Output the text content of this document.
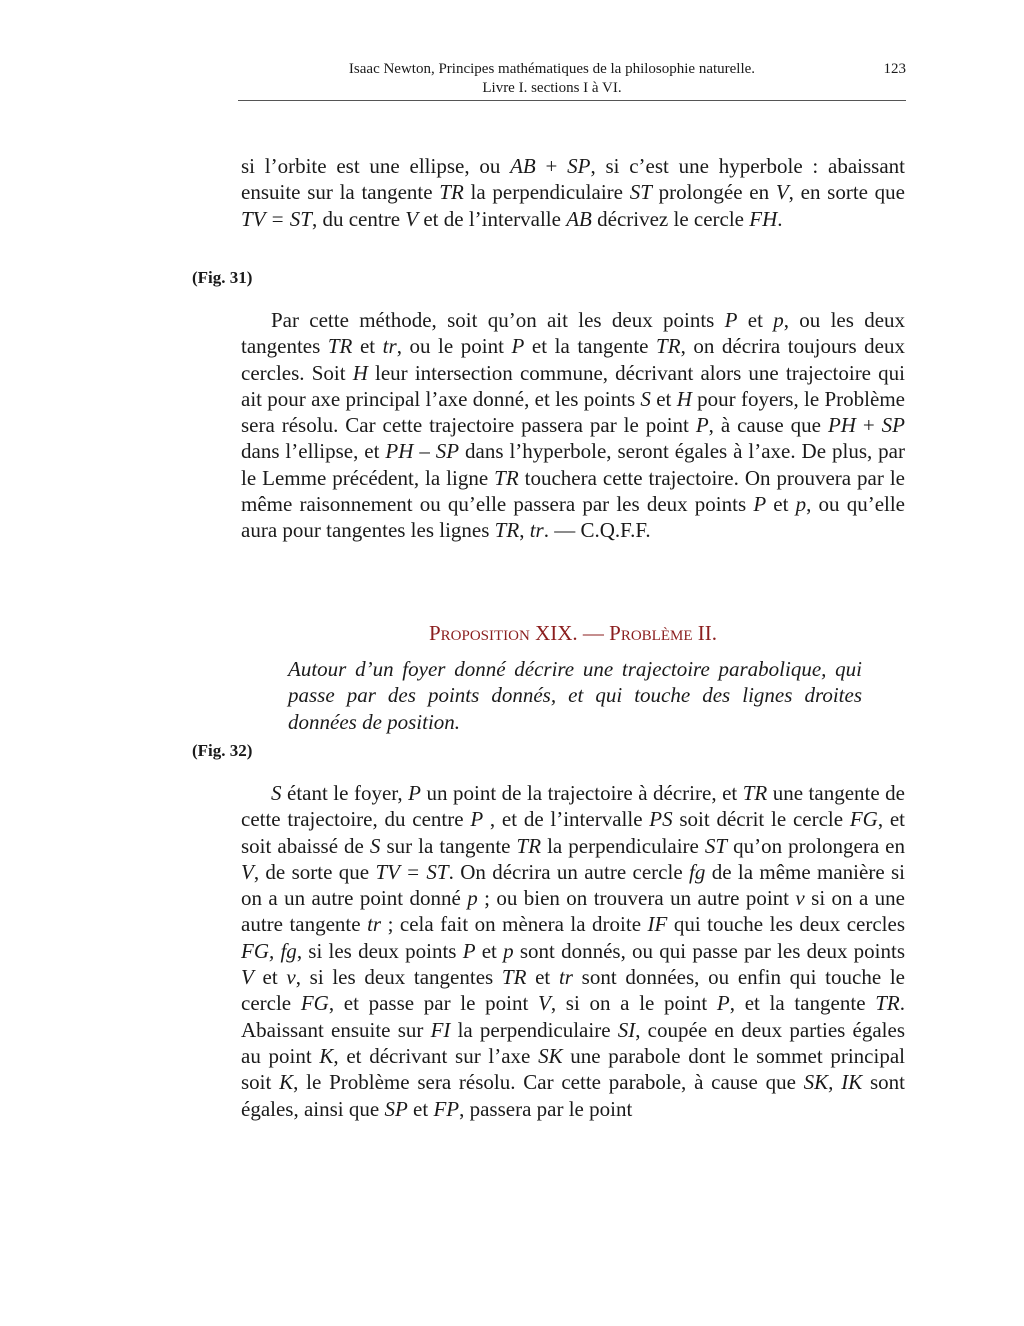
Isaac Newton, Principes mathématiques de la philosophie naturelle.
Livre I. sections I à VI.
123

si l’orbite est une ellipse, ou AB + SP, si c’est une hyperbole : abaissant ensuite sur la tangente TR la perpendiculaire ST prolongée en V, en sorte que TV = ST, du centre V et de l’intervalle AB décrivez le cercle FH.

(Fig. 31)

Par cette méthode, soit qu’on ait les deux points P et p, ou les deux tangentes TR et tr, ou le point P et la tangente TR, on décrira toujours deux cercles. Soit H leur intersection commune, décrivant alors une trajectoire qui ait pour axe principal l’axe donné, et les points S et H pour foyers, le Problème sera résolu. Car cette trajectoire passera par le point P, à cause que PH + SP dans l’ellipse, et PH – SP dans l’hyperbole, seront égales à l’axe. De plus, par le Lemme précédent, la ligne TR touchera cette trajectoire. On prouvera par le même raisonnement ou qu’elle passera par les deux points P et p, ou qu’elle aura pour tangentes les lignes TR, tr. — C.Q.F.F.

Proposition XIX. — Problème II.

Autour d’un foyer donné décrire une trajectoire parabolique, qui passe par des points donnés, et qui touche des lignes droites données de position.

(Fig. 32)

S étant le foyer, P un point de la trajectoire à décrire, et TR une tangente de cette trajectoire, du centre P , et de l’intervalle PS soit décrit le cercle FG, et soit abaissé de S sur la tangente TR la perpendiculaire ST qu’on prolongera en V, de sorte que TV = ST. On décrira un autre cercle fg de la même manière si on a un autre point donné p ; ou bien on trouvera un autre point v si on a une autre tangente tr ; cela fait on mènera la droite IF qui touche les deux cercles FG, fg, si les deux points P et p sont donnés, ou qui passe par les deux points V et v, si les deux tangentes TR et tr sont données, ou enfin qui touche le cercle FG, et passe par le point V, si on a le point P, et la tangente TR. Abaissant ensuite sur FI la perpendiculaire SI, coupée en deux parties égales au point K, et décrivant sur l’axe SK une parabole dont le sommet principal soit K, le Problème sera résolu. Car cette parabole, à cause que SK, IK sont égales, ainsi que SP et FP, passera par le point
